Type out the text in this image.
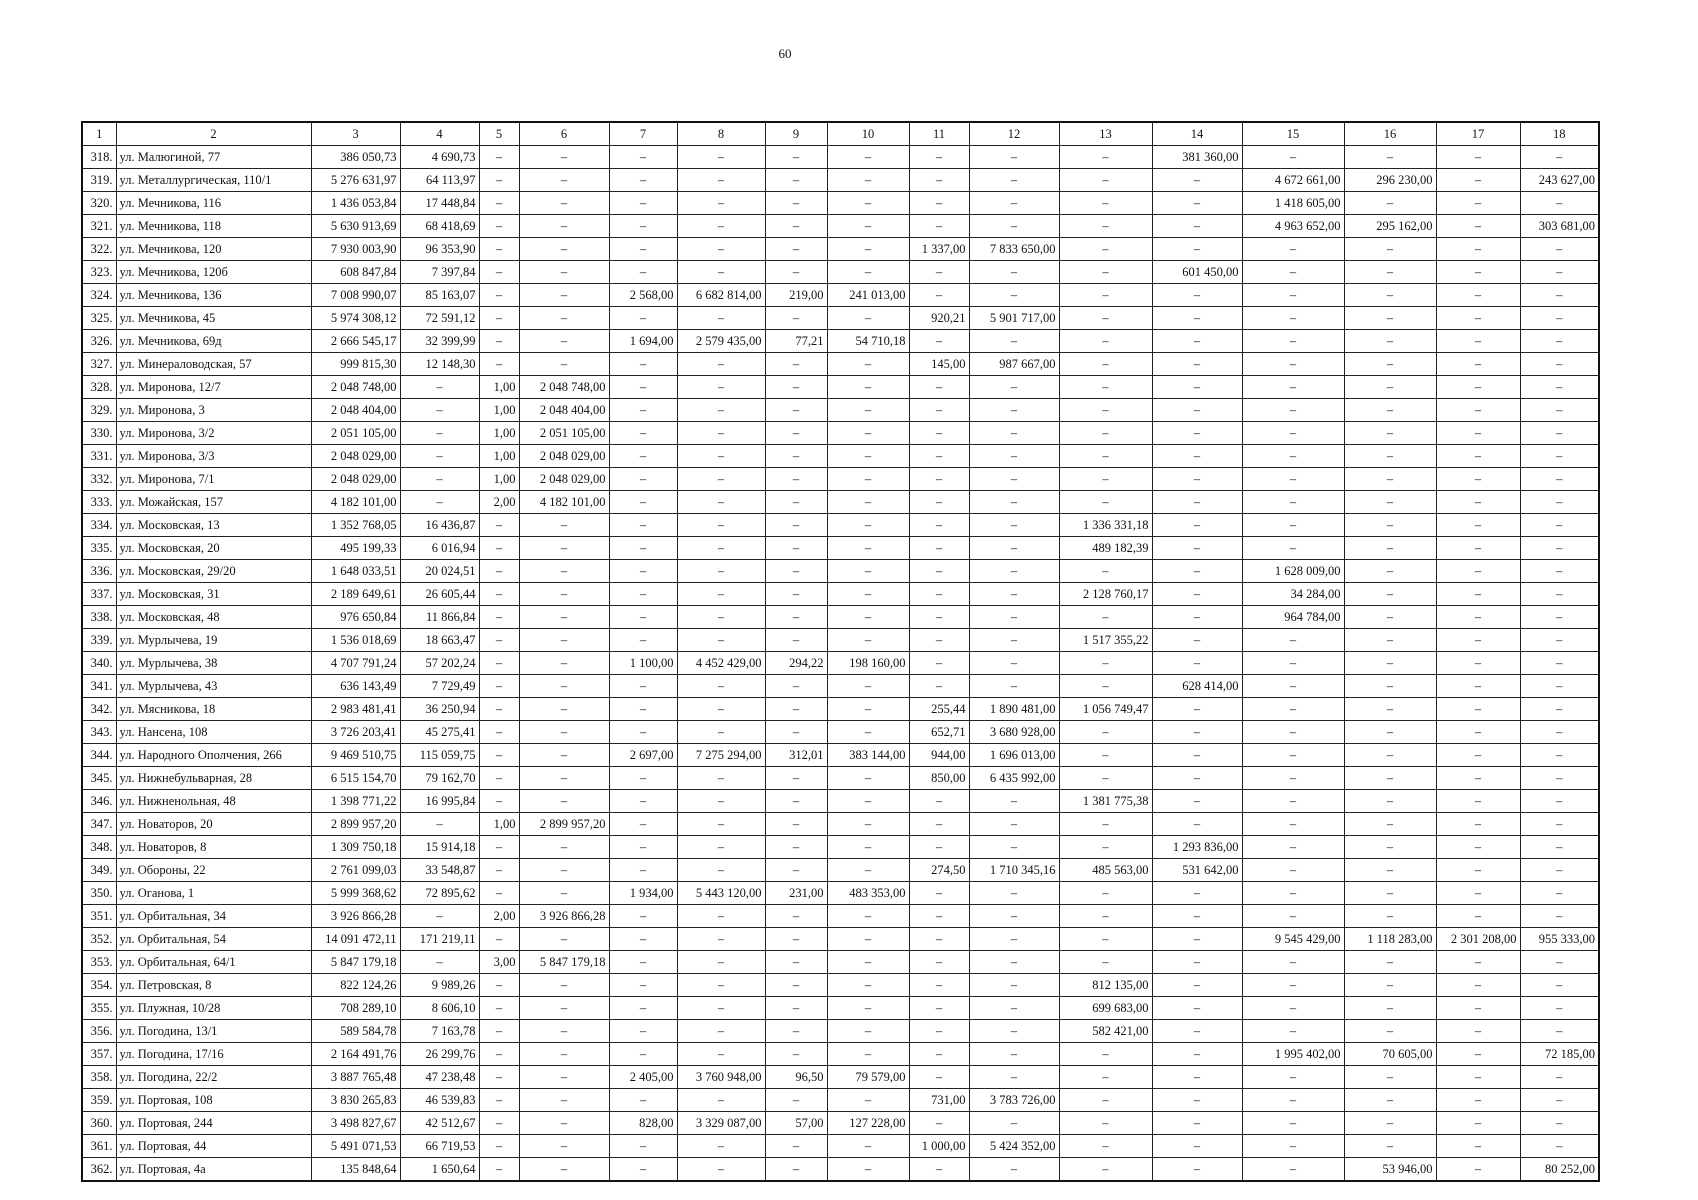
60
1	2	3	4	5	6	7	8	9	10	11	12	13	14	15	16	17	18
318.	ул. Малюгиной, 77	386 050,73	4 690,73	–	–	–	–	–	–	–	–	–	381 360,00	–	–	–	–
319.	ул. Металлургическая, 110/1	5 276 631,97	64 113,97	–	–	–	–	–	–	–	–	–	–	4 672 661,00	296 230,00	–	243 627,00
320.	ул. Мечникова, 116	1 436 053,84	17 448,84	–	–	–	–	–	–	–	–	–	–	1 418 605,00	–	–	–
321.	ул. Мечникова, 118	5 630 913,69	68 418,69	–	–	–	–	–	–	–	–	–	–	4 963 652,00	295 162,00	–	303 681,00
322.	ул. Мечникова, 120	7 930 003,90	96 353,90	–	–	–	–	–	–	1 337,00	7 833 650,00	–	–	–	–	–	–
323.	ул. Мечникова, 120б	608 847,84	7 397,84	–	–	–	–	–	–	–	–	–	601 450,00	–	–	–	–
324.	ул. Мечникова, 136	7 008 990,07	85 163,07	–	–	2 568,00	6 682 814,00	219,00	241 013,00	–	–	–	–	–	–	–	–
325.	ул. Мечникова, 45	5 974 308,12	72 591,12	–	–	–	–	–	–	920,21	5 901 717,00	–	–	–	–	–	–
326.	ул. Мечникова, 69д	2 666 545,17	32 399,99	–	–	1 694,00	2 579 435,00	77,21	54 710,18	–	–	–	–	–	–	–	–
327.	ул. Минераловодская, 57	999 815,30	12 148,30	–	–	–	–	–	–	145,00	987 667,00	–	–	–	–	–	–
328.	ул. Миронова, 12/7	2 048 748,00	–	1,00	2 048 748,00	–	–	–	–	–	–	–	–	–	–	–	–
329.	ул. Миронова, 3	2 048 404,00	–	1,00	2 048 404,00	–	–	–	–	–	–	–	–	–	–	–	–
330.	ул. Миронова, 3/2	2 051 105,00	–	1,00	2 051 105,00	–	–	–	–	–	–	–	–	–	–	–	–
331.	ул. Миронова, 3/3	2 048 029,00	–	1,00	2 048 029,00	–	–	–	–	–	–	–	–	–	–	–	–
332.	ул. Миронова, 7/1	2 048 029,00	–	1,00	2 048 029,00	–	–	–	–	–	–	–	–	–	–	–	–
333.	ул. Можайская, 157	4 182 101,00	–	2,00	4 182 101,00	–	–	–	–	–	–	–	–	–	–	–	–
334.	ул. Московская, 13	1 352 768,05	16 436,87	–	–	–	–	–	–	–	–	1 336 331,18	–	–	–	–	–
335.	ул. Московская, 20	495 199,33	6 016,94	–	–	–	–	–	–	–	–	489 182,39	–	–	–	–	–
336.	ул. Московская, 29/20	1 648 033,51	20 024,51	–	–	–	–	–	–	–	–	–	–	1 628 009,00	–	–	–
337.	ул. Московская, 31	2 189 649,61	26 605,44	–	–	–	–	–	–	–	–	2 128 760,17	–	34 284,00	–	–	–
338.	ул. Московская, 48	976 650,84	11 866,84	–	–	–	–	–	–	–	–	–	–	964 784,00	–	–	–
339.	ул. Мурлычева, 19	1 536 018,69	18 663,47	–	–	–	–	–	–	–	–	1 517 355,22	–	–	–	–	–
340.	ул. Мурлычева, 38	4 707 791,24	57 202,24	–	–	1 100,00	4 452 429,00	294,22	198 160,00	–	–	–	–	–	–	–	–
341.	ул. Мурлычева, 43	636 143,49	7 729,49	–	–	–	–	–	–	–	–	–	628 414,00	–	–	–	–
342.	ул. Мясникова, 18	2 983 481,41	36 250,94	–	–	–	–	–	–	255,44	1 890 481,00	1 056 749,47	–	–	–	–	–
343.	ул. Нансена, 108	3 726 203,41	45 275,41	–	–	–	–	–	–	652,71	3 680 928,00	–	–	–	–	–	–
344.	ул. Народного Ополчения, 266	9 469 510,75	115 059,75	–	–	2 697,00	7 275 294,00	312,01	383 144,00	944,00	1 696 013,00	–	–	–	–	–	–
345.	ул. Нижнебульварная, 28	6 515 154,70	79 162,70	–	–	–	–	–	–	850,00	6 435 992,00	–	–	–	–	–	–
346.	ул. Нижненольная, 48	1 398 771,22	16 995,84	–	–	–	–	–	–	–	–	1 381 775,38	–	–	–	–	–
347.	ул. Новаторов, 20	2 899 957,20	–	1,00	2 899 957,20	–	–	–	–	–	–	–	–	–	–	–	–
348.	ул. Новаторов, 8	1 309 750,18	15 914,18	–	–	–	–	–	–	–	–	–	1 293 836,00	–	–	–	–
349.	ул. Обороны, 22	2 761 099,03	33 548,87	–	–	–	–	–	–	274,50	1 710 345,16	485 563,00	531 642,00	–	–	–	–
350.	ул. Оганова, 1	5 999 368,62	72 895,62	–	–	1 934,00	5 443 120,00	231,00	483 353,00	–	–	–	–	–	–	–	–
351.	ул. Орбитальная, 34	3 926 866,28	–	2,00	3 926 866,28	–	–	–	–	–	–	–	–	–	–	–	–
352.	ул. Орбитальная, 54	14 091 472,11	171 219,11	–	–	–	–	–	–	–	–	–	–	9 545 429,00	1 118 283,00	2 301 208,00	955 333,00
353.	ул. Орбитальная, 64/1	5 847 179,18	–	3,00	5 847 179,18	–	–	–	–	–	–	–	–	–	–	–	–
354.	ул. Петровская, 8	822 124,26	9 989,26	–	–	–	–	–	–	–	–	812 135,00	–	–	–	–	–
355.	ул. Плужная, 10/28	708 289,10	8 606,10	–	–	–	–	–	–	–	–	699 683,00	–	–	–	–	–
356.	ул. Погодина, 13/1	589 584,78	7 163,78	–	–	–	–	–	–	–	–	582 421,00	–	–	–	–	–
357.	ул. Погодина, 17/16	2 164 491,76	26 299,76	–	–	–	–	–	–	–	–	–	–	1 995 402,00	70 605,00	–	72 185,00
358.	ул. Погодина, 22/2	3 887 765,48	47 238,48	–	–	2 405,00	3 760 948,00	96,50	79 579,00	–	–	–	–	–	–	–	–
359.	ул. Портовая, 108	3 830 265,83	46 539,83	–	–	–	–	–	–	731,00	3 783 726,00	–	–	–	–	–	–
360.	ул. Портовая, 244	3 498 827,67	42 512,67	–	–	828,00	3 329 087,00	57,00	127 228,00	–	–	–	–	–	–	–	–
361.	ул. Портовая, 44	5 491 071,53	66 719,53	–	–	–	–	–	–	1 000,00	5 424 352,00	–	–	–	–	–	–
362.	ул. Портовая, 4а	135 848,64	1 650,64	–	–	–	–	–	–	–	–	–	–	–	53 946,00	–	80 252,00
